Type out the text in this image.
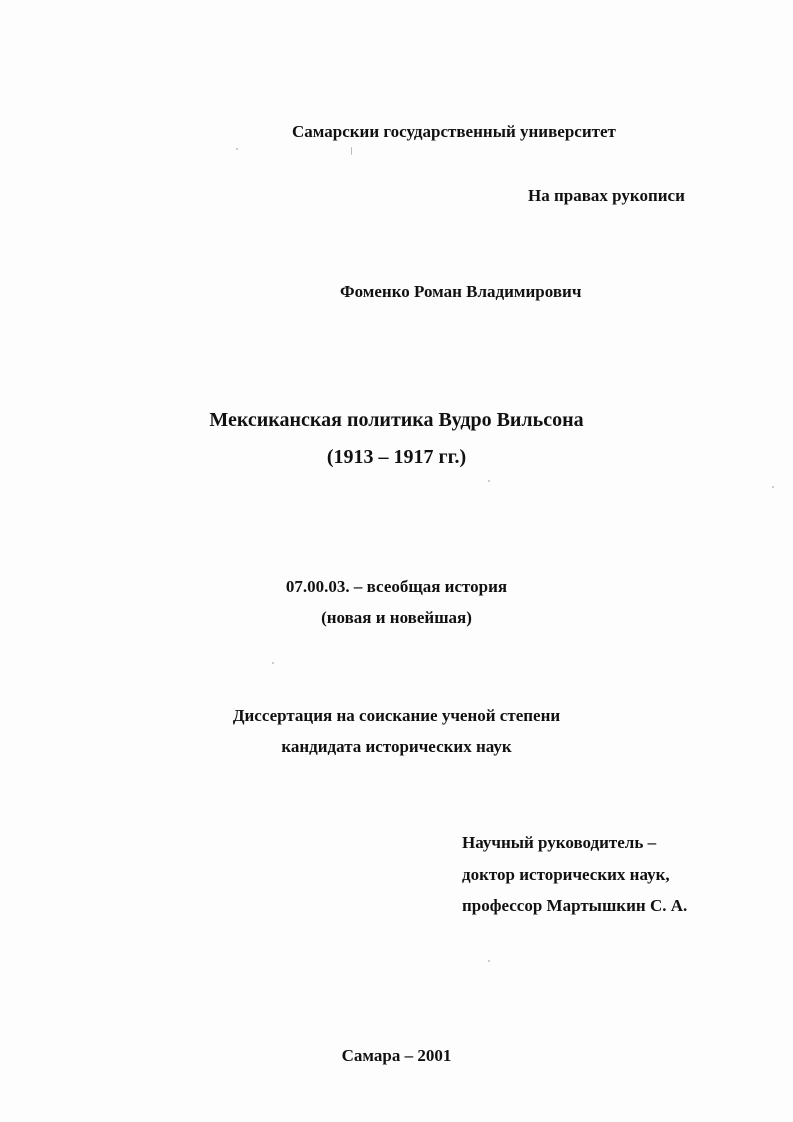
Самарскии государственный университет
На правах рукописи
Фоменко Роман Владимирович
Мексиканская политика Вудро Вильсона
(1913 – 1917 гг.)
07.00.03. – всеобщая история
(новая и новейшая)
Диссертация на соискание ученой степени
кандидата исторических наук
Научный руководитель –
доктор исторических наук,
профессор Мартышкин С. А.
Самара – 2001
